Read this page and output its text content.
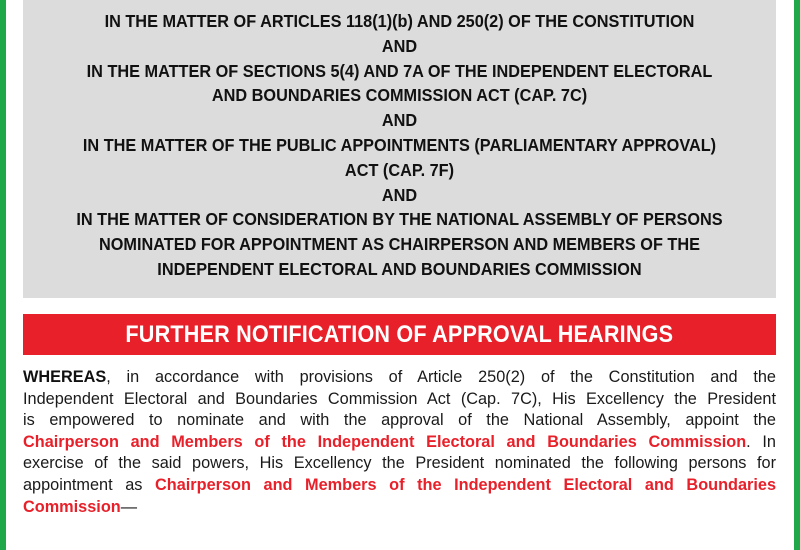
IN THE MATTER OF ARTICLES 118(1)(b) AND 250(2) OF THE CONSTITUTION
AND
IN THE MATTER OF SECTIONS 5(4) AND 7A OF THE INDEPENDENT ELECTORAL
AND BOUNDARIES COMMISSION ACT (CAP. 7C)
AND
IN THE MATTER OF THE PUBLIC APPOINTMENTS (PARLIAMENTARY APPROVAL)
ACT (CAP. 7F)
AND
IN THE MATTER OF CONSIDERATION BY THE NATIONAL ASSEMBLY OF PERSONS
NOMINATED FOR APPOINTMENT AS CHAIRPERSON AND MEMBERS OF THE
INDEPENDENT ELECTORAL AND BOUNDARIES COMMISSION
FURTHER NOTIFICATION OF APPROVAL HEARINGS
WHEREAS, in accordance with provisions of Article 250(2) of the Constitution and the
Independent Electoral and Boundaries Commission Act (Cap. 7C), His Excellency the President
is empowered to nominate and with the approval of the National Assembly, appoint the
Chairperson and Members of the Independent Electoral and Boundaries Commission. In
exercise of the said powers, His Excellency the President nominated the following persons for
appointment as Chairperson and Members of the Independent Electoral and Boundaries
Commission—
